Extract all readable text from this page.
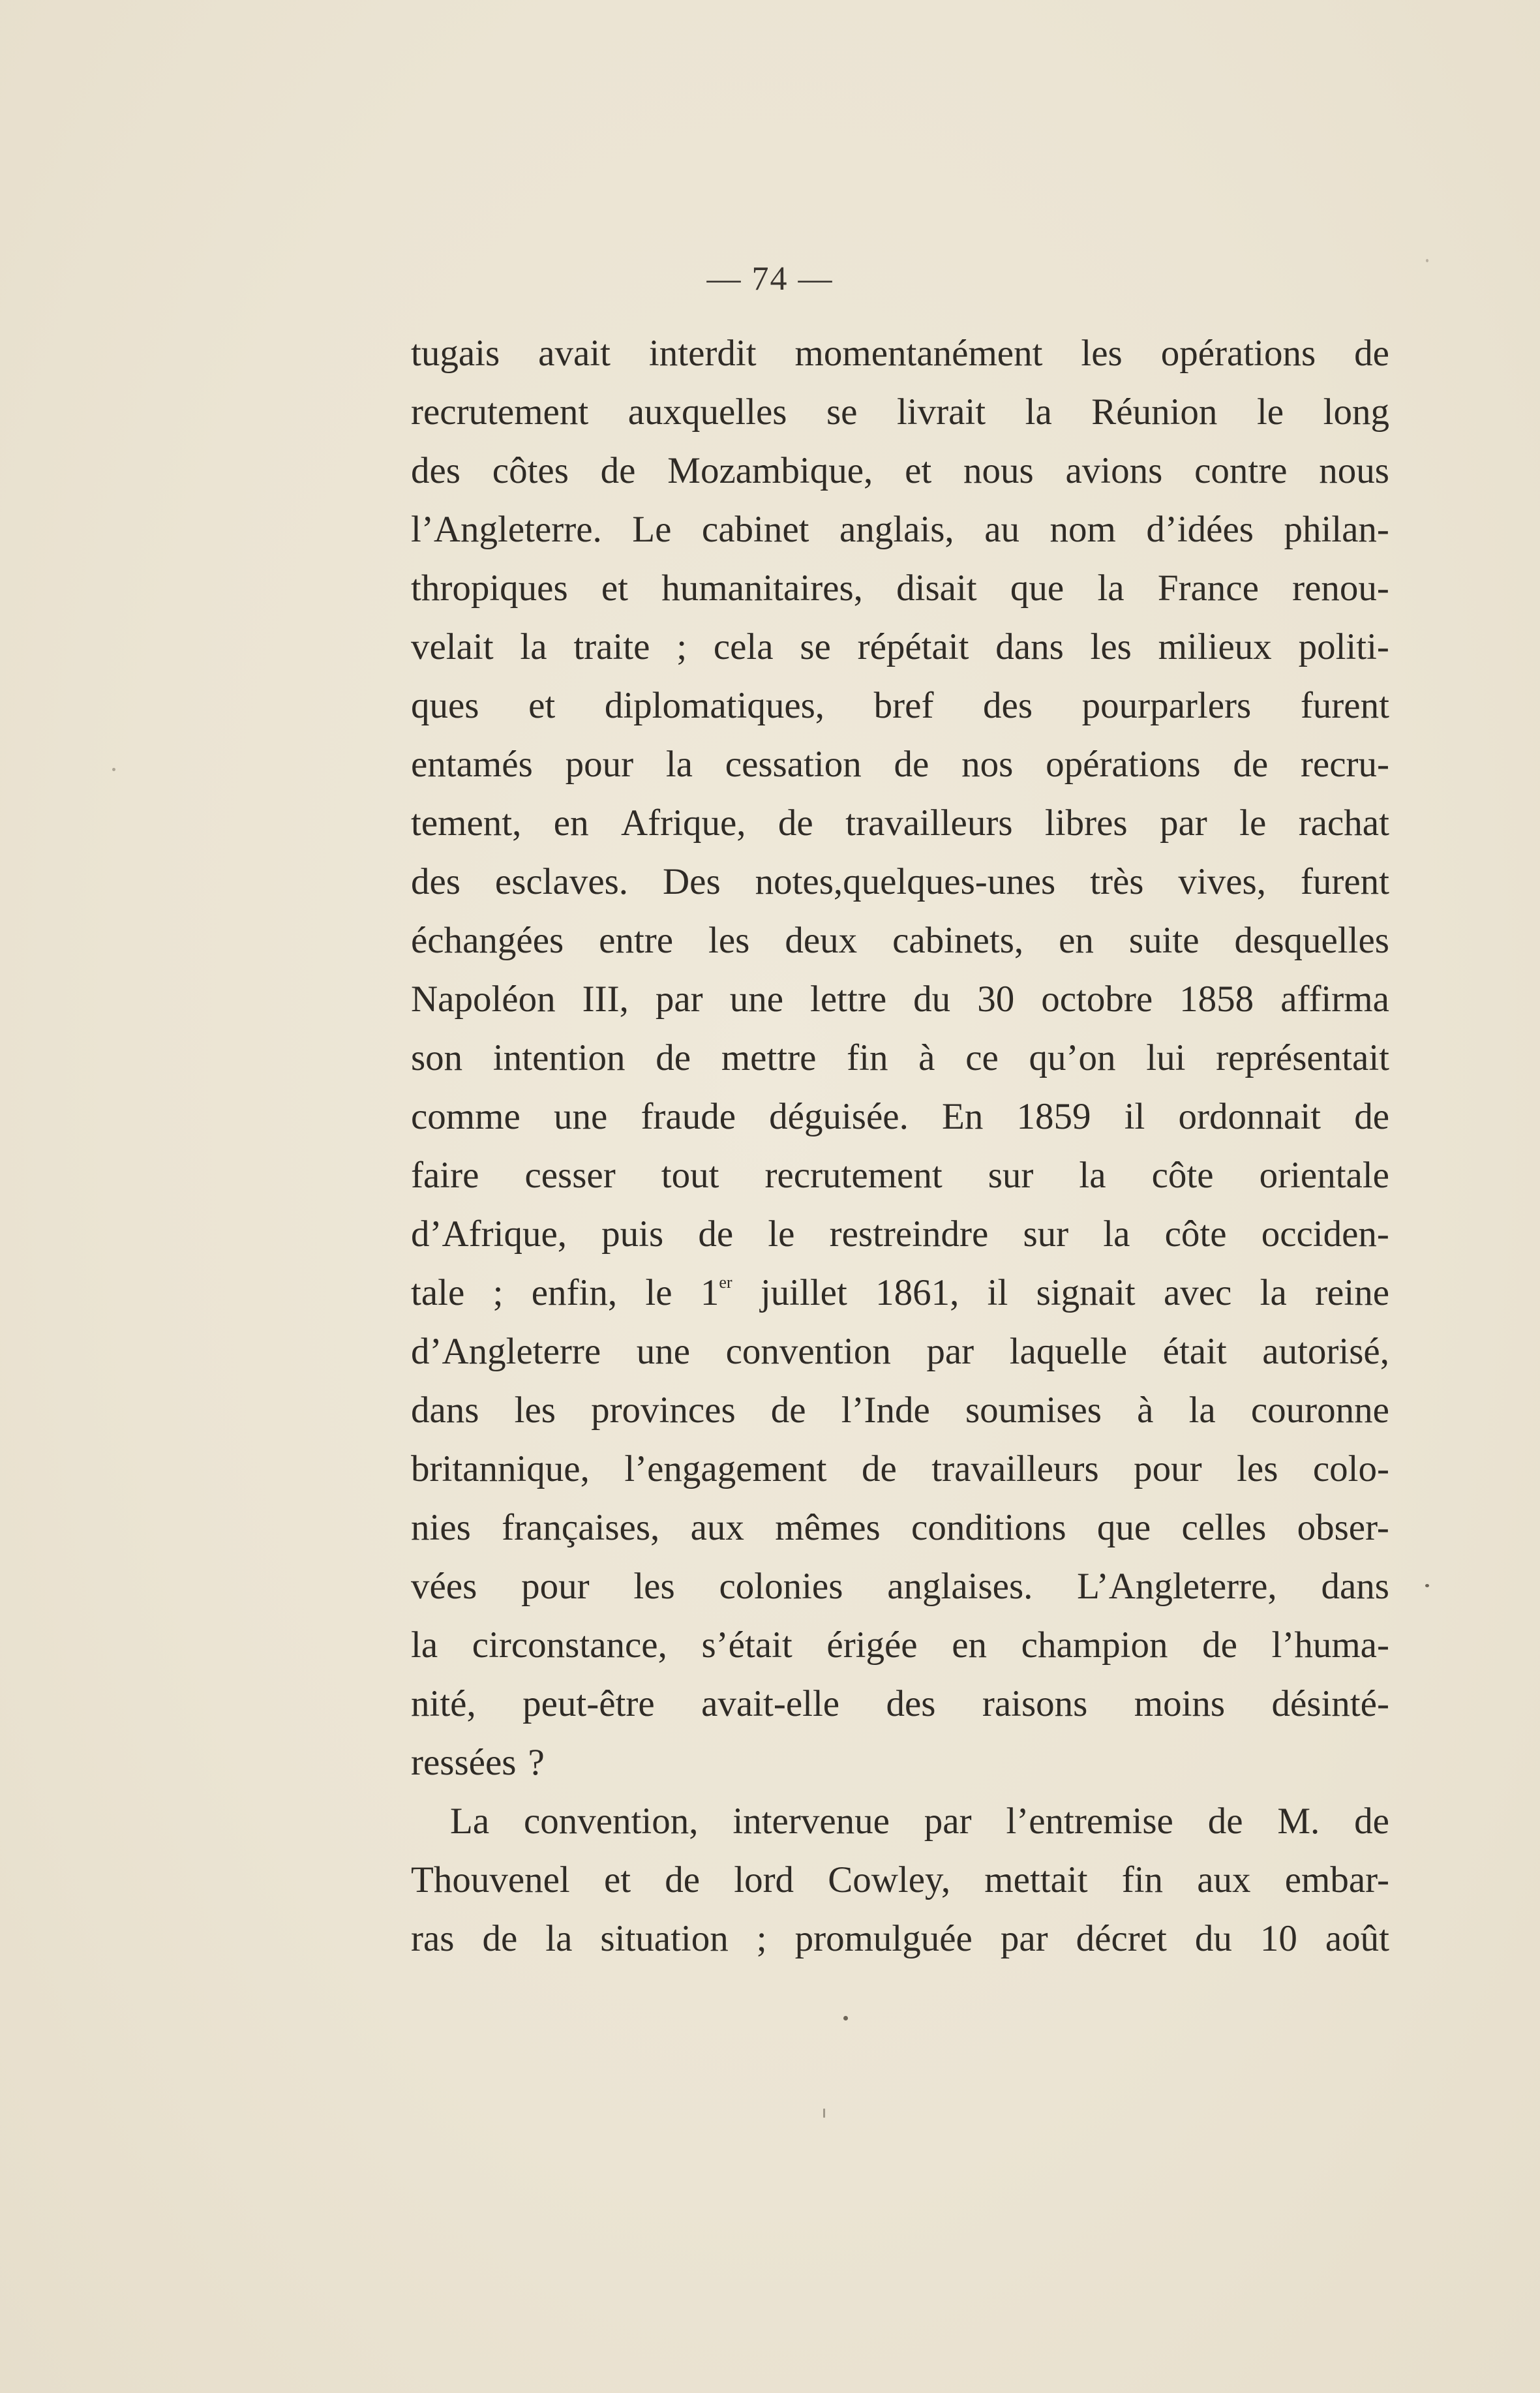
— 74 —
tugais avait interdit momentanément les opérations de
recrutement auxquelles se livrait la Réunion le long
des côtes de Mozambique, et nous avions contre nous
l’Angleterre. Le cabinet anglais, au nom d’idées philan-
thropiques et humanitaires, disait que la France renou-
velait la traite ; cela se répétait dans les milieux politi-
ques et diplomatiques, bref des pourparlers furent
entamés pour la cessation de nos opérations de recru-
tement, en Afrique, de travailleurs libres par le rachat
des esclaves. Des notes,quelques-unes très vives, furent
échangées entre les deux cabinets, en suite desquelles
Napoléon III, par une lettre du 30 octobre 1858 affirma
son intention de mettre fin à ce qu’on lui représentait
comme une fraude déguisée. En 1859 il ordonnait de
faire cesser tout recrutement sur la côte orientale
d’Afrique, puis de le restreindre sur la côte occiden-
tale ; enfin, le 1er juillet 1861, il signait avec la reine
d’Angleterre une convention par laquelle était autorisé,
dans les provinces de l’Inde soumises à la couronne
britannique, l’engagement de travailleurs pour les colo-
nies françaises, aux mêmes conditions que celles obser-
vées pour les colonies anglaises. L’Angleterre, dans
la circonstance, s’était érigée en champion de l’huma-
nité, peut-être avait-elle des raisons moins désinté-
ressées ?
La convention, intervenue par l’entremise de M. de
Thouvenel et de lord Cowley, mettait fin aux embar-
ras de la situation ; promulguée par décret du 10 août
